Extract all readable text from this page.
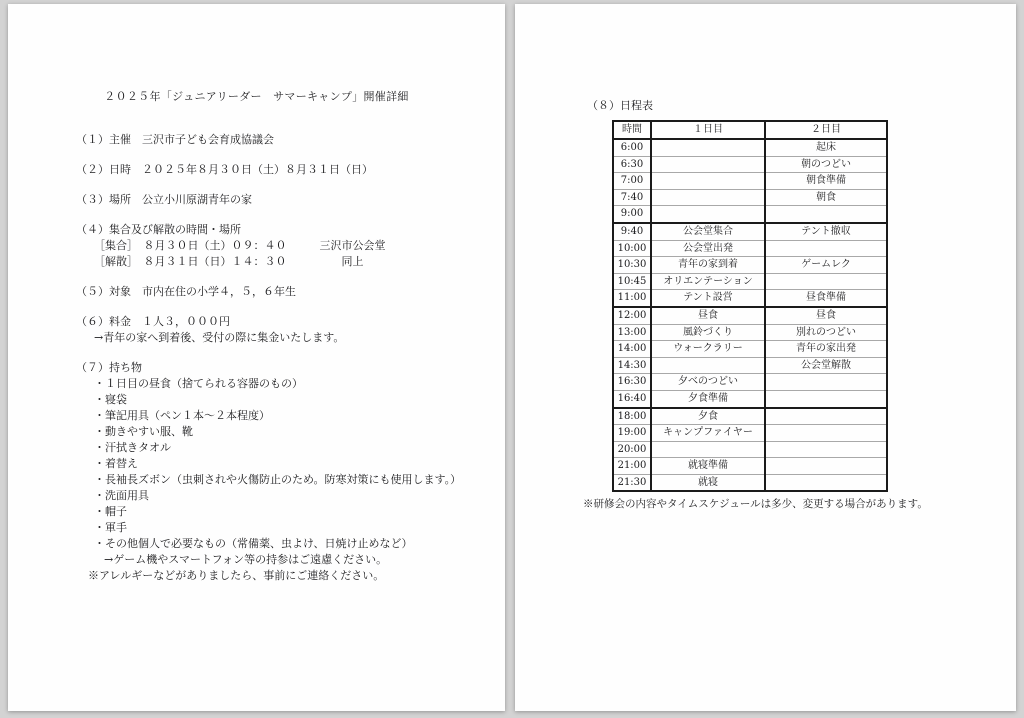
２０２５年「ジュニアリーダー　サマーキャンプ」開催詳細
（１）主催　三沢市子ども会育成協議会
（２）日時　２０２５年８月３０日（土）８月３１日（日）
（３）場所　公立小川原湖青年の家
（４）集合及び解散の時間・場所
［集合］　８月３０日（土）０９：４０　　　三沢市公会堂
［解散］　８月３１日（日）１４：３０　　　　　同上
（５）対象　市内在住の小学４，５，６年生
（６）料金　１人３，０００円
→青年の家へ到着後、受付の際に集金いたします。
（７）持ち物
・１日目の昼食（捨てられる容器のもの）
・寝袋
・筆記用具（ペン１本～２本程度）
・動きやすい服、靴
・汗拭きタオル
・着替え
・長袖長ズボン（虫刺されや火傷防止のため。防寒対策にも使用します。）
・洗面用具
・帽子
・軍手
・その他個人で必要なもの（常備薬、虫よけ、日焼け止めなど）
→ゲーム機やスマートフォン等の持参はご遠慮ください。
※アレルギーなどがありましたら、事前にご連絡ください。
（８）日程表
時間	１日目	２日目
6:00		起床
6:30		朝のつどい
7:00		朝食準備
7:40		朝食
9:00		
9:40	公会堂集合	テント撤収
10:00	公会堂出発	
10:30	青年の家到着	ゲームレク
10:45	オリエンテーション	
11:00	テント設営	昼食準備
12:00	昼食	昼食
13:00	風鈴づくり	別れのつどい
14:00	ウォークラリー	青年の家出発
14:30		公会堂解散
16:30	夕べのつどい	
16:40	夕食準備	
18:00	夕食	
19:00	キャンプファイヤー	
20:00		
21:00	就寝準備	
21:30	就寝	
※研修会の内容やタイムスケジュールは多少、変更する場合があります。
